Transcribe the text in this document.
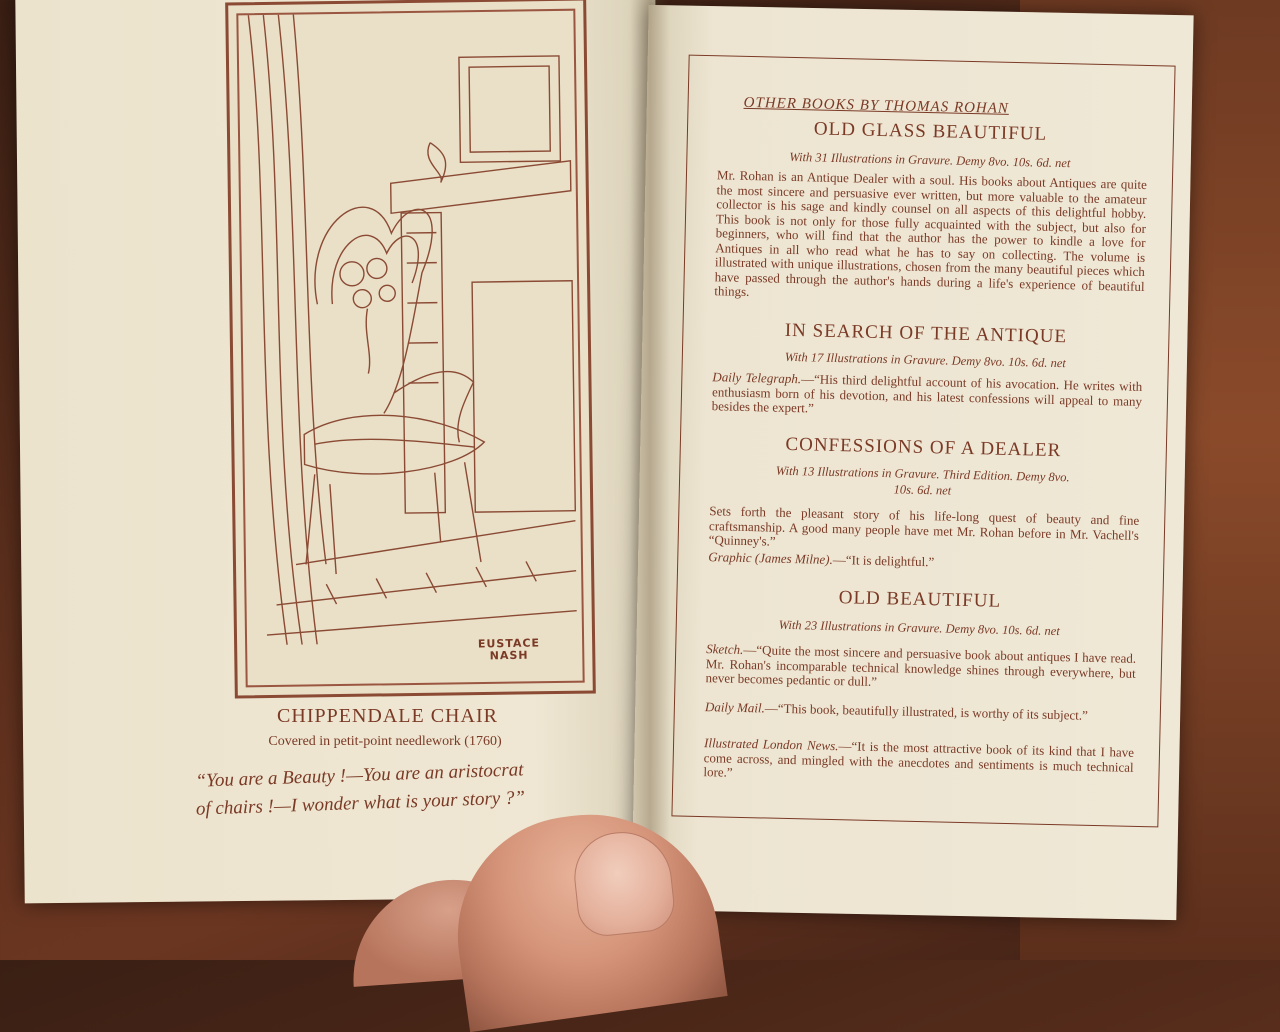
EUSTACE
NASH
CHIPPENDALE CHAIR
Covered in petit-point needlework (1760)
“You are a Beauty !—You are an aristocrat
of chairs !—I wonder what is your story ?”
OTHER BOOKS BY THOMAS ROHAN
OLD GLASS BEAUTIFUL
With 31 Illustrations in Gravure. Demy 8vo. 10s. 6d. net
Mr. Rohan is an Antique Dealer with a soul. His books about Antiques are quite the most sincere and persuasive ever written, but more valuable to the amateur collector is his sage and kindly counsel on all aspects of this delightful hobby. This book is not only for those fully acquainted with the subject, but also for beginners, who will find that the author has the power to kindle a love for Antiques in all who read what he has to say on collecting. The volume is illustrated with unique illustrations, chosen from the many beautiful pieces which have passed through the author's hands during a life's experience of beautiful things.
IN SEARCH OF THE ANTIQUE
With 17 Illustrations in Gravure. Demy 8vo. 10s. 6d. net
Daily Telegraph.—“His third delightful account of his avocation. He writes with enthusiasm born of his devotion, and his latest confessions will appeal to many besides the expert.”
CONFESSIONS OF A DEALER
With 13 Illustrations in Gravure. Third Edition. Demy 8vo.
10s. 6d. net
Sets forth the pleasant story of his life-long quest of beauty and fine craftsmanship. A good many people have met Mr. Rohan before in Mr. Vachell's “Quinney's.”
Graphic (James Milne).—“It is delightful.”
OLD BEAUTIFUL
With 23 Illustrations in Gravure. Demy 8vo. 10s. 6d. net
Sketch.—“Quite the most sincere and persuasive book about antiques I have read. Mr. Rohan's incomparable technical knowledge shines through everywhere, but never becomes pedantic or dull.”
Daily Mail.—“This book, beautifully illustrated, is worthy of its subject.”
Illustrated London News.—“It is the most attractive book of its kind that I have come across, and mingled with the anecdotes and sentiments is much technical lore.”
